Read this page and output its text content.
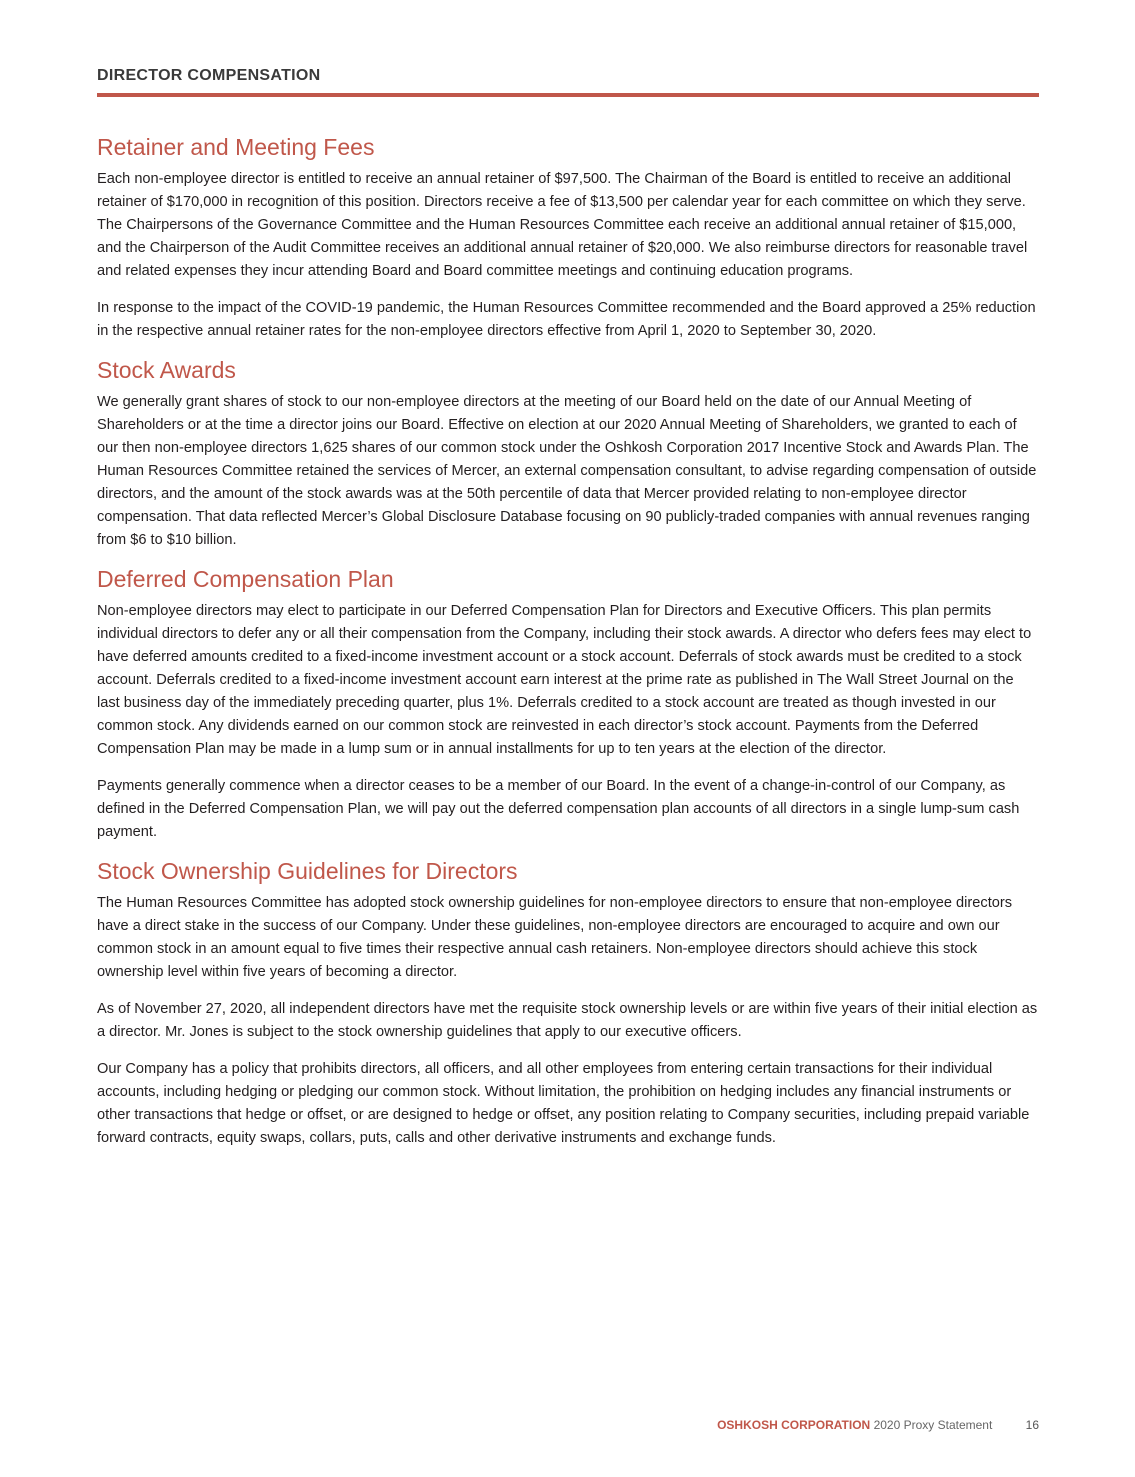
DIRECTOR COMPENSATION
Retainer and Meeting Fees

Each non-employee director is entitled to receive an annual retainer of $97,500. The Chairman of the Board is entitled to receive an additional retainer of $170,000 in recognition of this position. Directors receive a fee of $13,500 per calendar year for each committee on which they serve. The Chairpersons of the Governance Committee and the Human Resources Committee each receive an additional annual retainer of $15,000, and the Chairperson of the Audit Committee receives an additional annual retainer of $20,000. We also reimburse directors for reasonable travel and related expenses they incur attending Board and Board committee meetings and continuing education programs.

In response to the impact of the COVID-19 pandemic, the Human Resources Committee recommended and the Board approved a 25% reduction in the respective annual retainer rates for the non-employee directors effective from April 1, 2020 to September 30, 2020.

Stock Awards

We generally grant shares of stock to our non-employee directors at the meeting of our Board held on the date of our Annual Meeting of Shareholders or at the time a director joins our Board. Effective on election at our 2020 Annual Meeting of Shareholders, we granted to each of our then non-employee directors 1,625 shares of our common stock under the Oshkosh Corporation 2017 Incentive Stock and Awards Plan. The Human Resources Committee retained the services of Mercer, an external compensation consultant, to advise regarding compensation of outside directors, and the amount of the stock awards was at the 50th percentile of data that Mercer provided relating to non-employee director compensation. That data reflected Mercer’s Global Disclosure Database focusing on 90 publicly-traded companies with annual revenues ranging from $6 to $10 billion.

Deferred Compensation Plan

Non-employee directors may elect to participate in our Deferred Compensation Plan for Directors and Executive Officers. This plan permits individual directors to defer any or all their compensation from the Company, including their stock awards. A director who defers fees may elect to have deferred amounts credited to a fixed-income investment account or a stock account. Deferrals of stock awards must be credited to a stock account. Deferrals credited to a fixed-income investment account earn interest at the prime rate as published in The Wall Street Journal on the last business day of the immediately preceding quarter, plus 1%. Deferrals credited to a stock account are treated as though invested in our common stock. Any dividends earned on our common stock are reinvested in each director’s stock account. Payments from the Deferred Compensation Plan may be made in a lump sum or in annual installments for up to ten years at the election of the director.

Payments generally commence when a director ceases to be a member of our Board. In the event of a change-in-control of our Company, as defined in the Deferred Compensation Plan, we will pay out the deferred compensation plan accounts of all directors in a single lump-sum cash payment.

Stock Ownership Guidelines for Directors

The Human Resources Committee has adopted stock ownership guidelines for non-employee directors to ensure that non-employee directors have a direct stake in the success of our Company. Under these guidelines, non-employee directors are encouraged to acquire and own our common stock in an amount equal to five times their respective annual cash retainers. Non-employee directors should achieve this stock ownership level within five years of becoming a director.

As of November 27, 2020, all independent directors have met the requisite stock ownership levels or are within five years of their initial election as a director. Mr. Jones is subject to the stock ownership guidelines that apply to our executive officers.

Our Company has a policy that prohibits directors, all officers, and all other employees from entering certain transactions for their individual accounts, including hedging or pledging our common stock. Without limitation, the prohibition on hedging includes any financial instruments or other transactions that hedge or offset, or are designed to hedge or offset, any position relating to Company securities, including prepaid variable forward contracts, equity swaps, collars, puts, calls and other derivative instruments and exchange funds.

OSHKOSH CORPORATION 2020 Proxy Statement	16
